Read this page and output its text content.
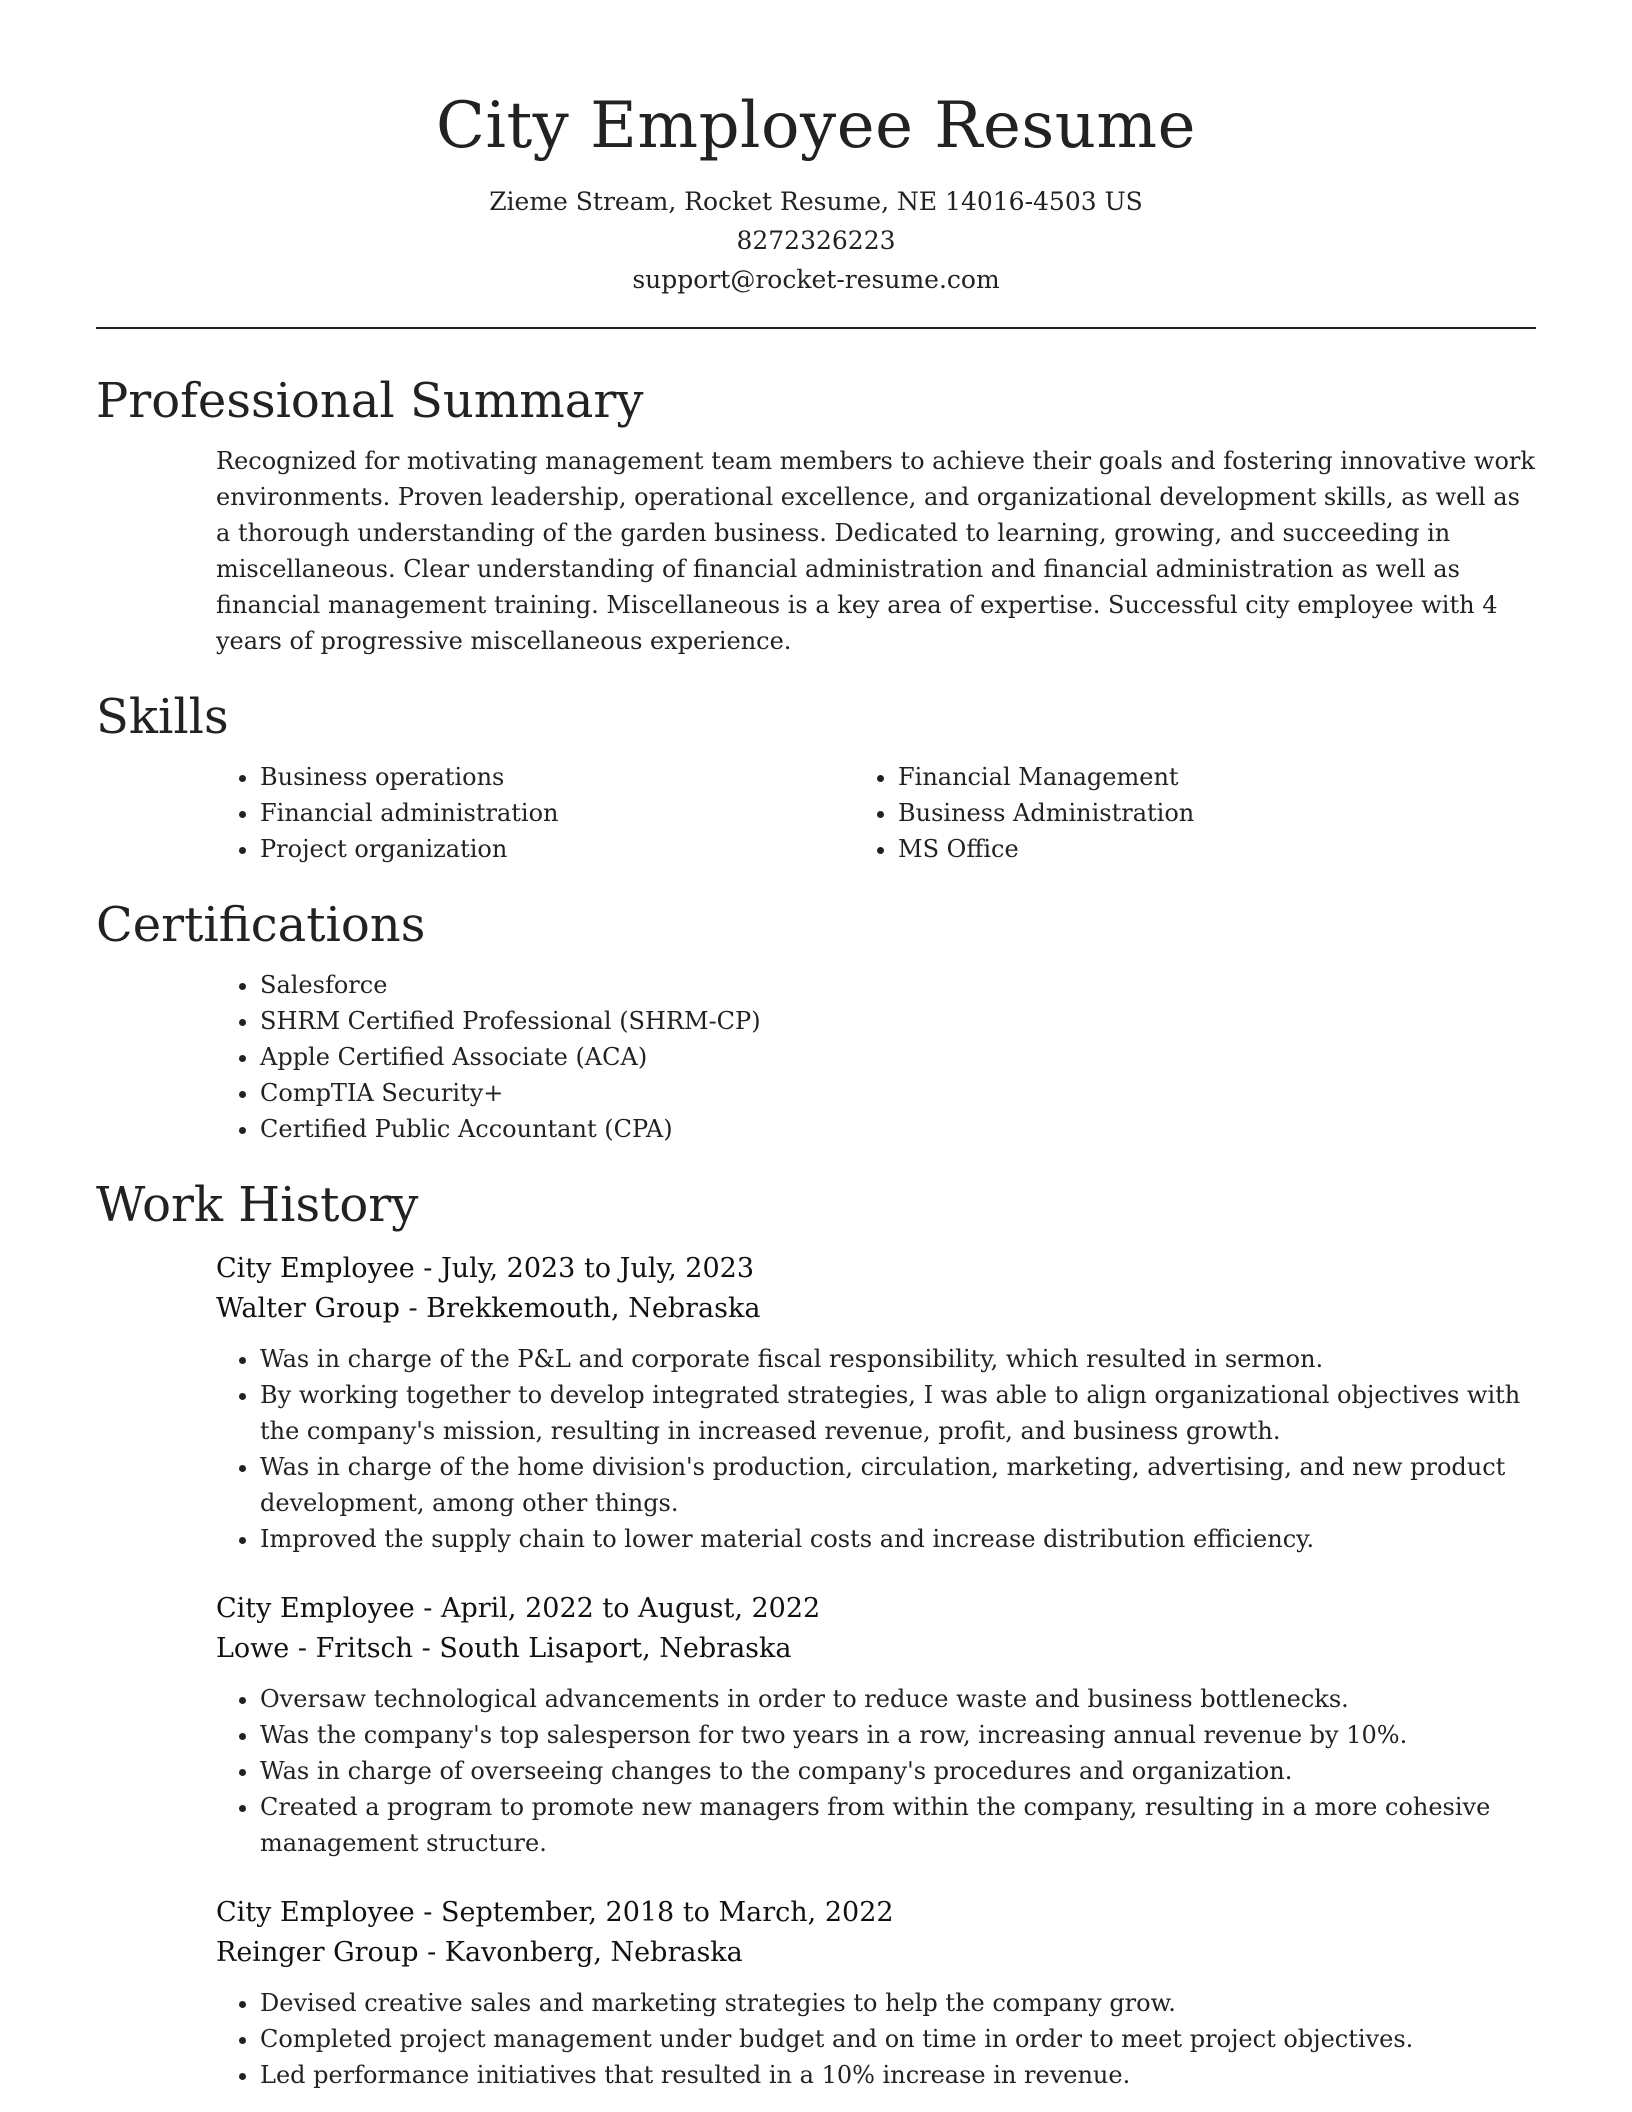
City Employee Resume
Zieme Stream, Rocket Resume, NE 14016-4503 US
8272326223
support@rocket-resume.com
Professional Summary
Recognized for motivating management team members to achieve their goals and fostering innovative work environments. Proven leadership, operational excellence, and organizational development skills, as well as a thorough understanding of the garden business. Dedicated to learning, growing, and succeeding in miscellaneous. Clear understanding of financial administration and financial administration as well as financial management training. Miscellaneous is a key area of expertise. Successful city employee with 4 years of progressive miscellaneous experience.
Skills
• Business operations
• Financial administration
• Project organization
• Financial Management
• Business Administration
• MS Office
Certifications
• Salesforce
• SHRM Certified Professional (SHRM-CP)
• Apple Certified Associate (ACA)
• CompTIA Security+
• Certified Public Accountant (CPA)
Work History
City Employee - July, 2023 to July, 2023
Walter Group - Brekkemouth, Nebraska
• Was in charge of the P&L and corporate fiscal responsibility, which resulted in sermon.
• By working together to develop integrated strategies, I was able to align organizational objectives with the company's mission, resulting in increased revenue, profit, and business growth.
• Was in charge of the home division's production, circulation, marketing, advertising, and new product development, among other things.
• Improved the supply chain to lower material costs and increase distribution efficiency.
City Employee - April, 2022 to August, 2022
Lowe - Fritsch - South Lisaport, Nebraska
• Oversaw technological advancements in order to reduce waste and business bottlenecks.
• Was the company's top salesperson for two years in a row, increasing annual revenue by 10%.
• Was in charge of overseeing changes to the company's procedures and organization.
• Created a program to promote new managers from within the company, resulting in a more cohesive management structure.
City Employee - September, 2018 to March, 2022
Reinger Group - Kavonberg, Nebraska
• Devised creative sales and marketing strategies to help the company grow.
• Completed project management under budget and on time in order to meet project objectives.
• Led performance initiatives that resulted in a 10% increase in revenue.
